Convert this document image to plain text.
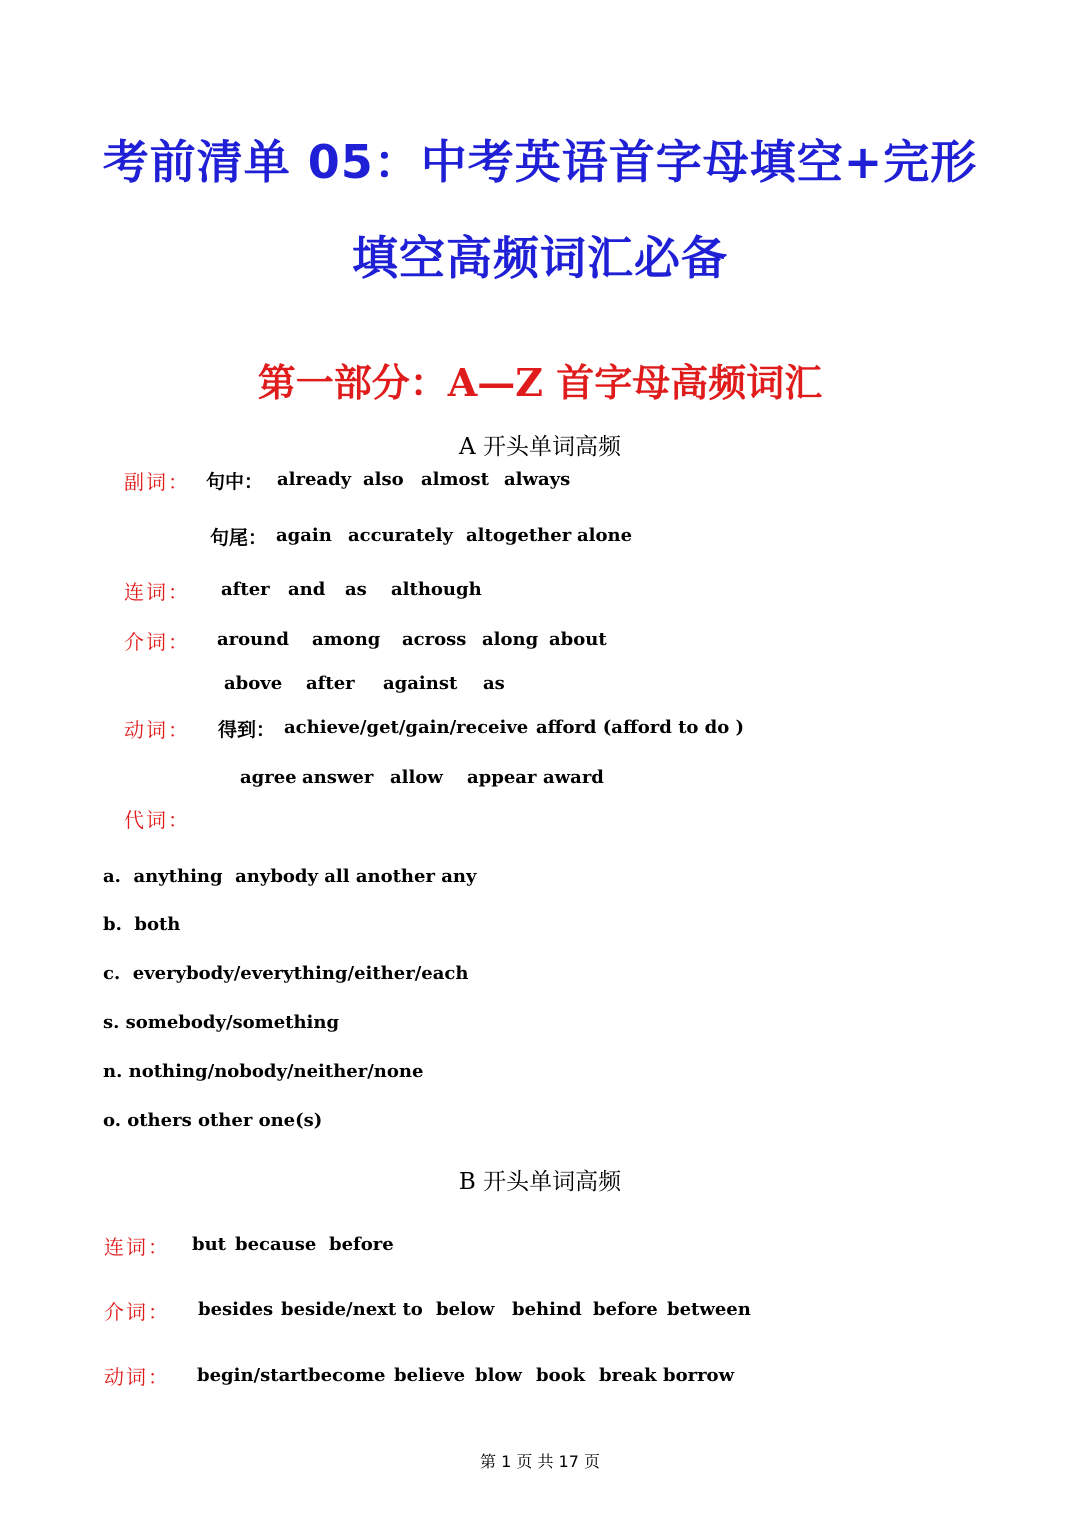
考前清单 05：中考英语首字母填空+完形
填空高频词汇必备
第一部分：A—Z 首字母高频词汇
A 开头单词高频
副词： 句中： already also almost always
句尾： again accurately altogether alone
连词： after and as although
介词： around among across along about
above after against as
动词： 得到： achieve/get/gain/receive afford (afford to do )
agree answer allow appear award
代词：
a.  anything  anybody all another any
b.  both
c.  everybody/everything/either/each
s. somebody/something
n. nothing/nobody/neither/none
o. others other one(s)
B 开头单词高频
连词： but because before
介词： besides beside/next to below behind before between
动词： begin/start become believe blow book break borrow
第 1 页 共 17 页
